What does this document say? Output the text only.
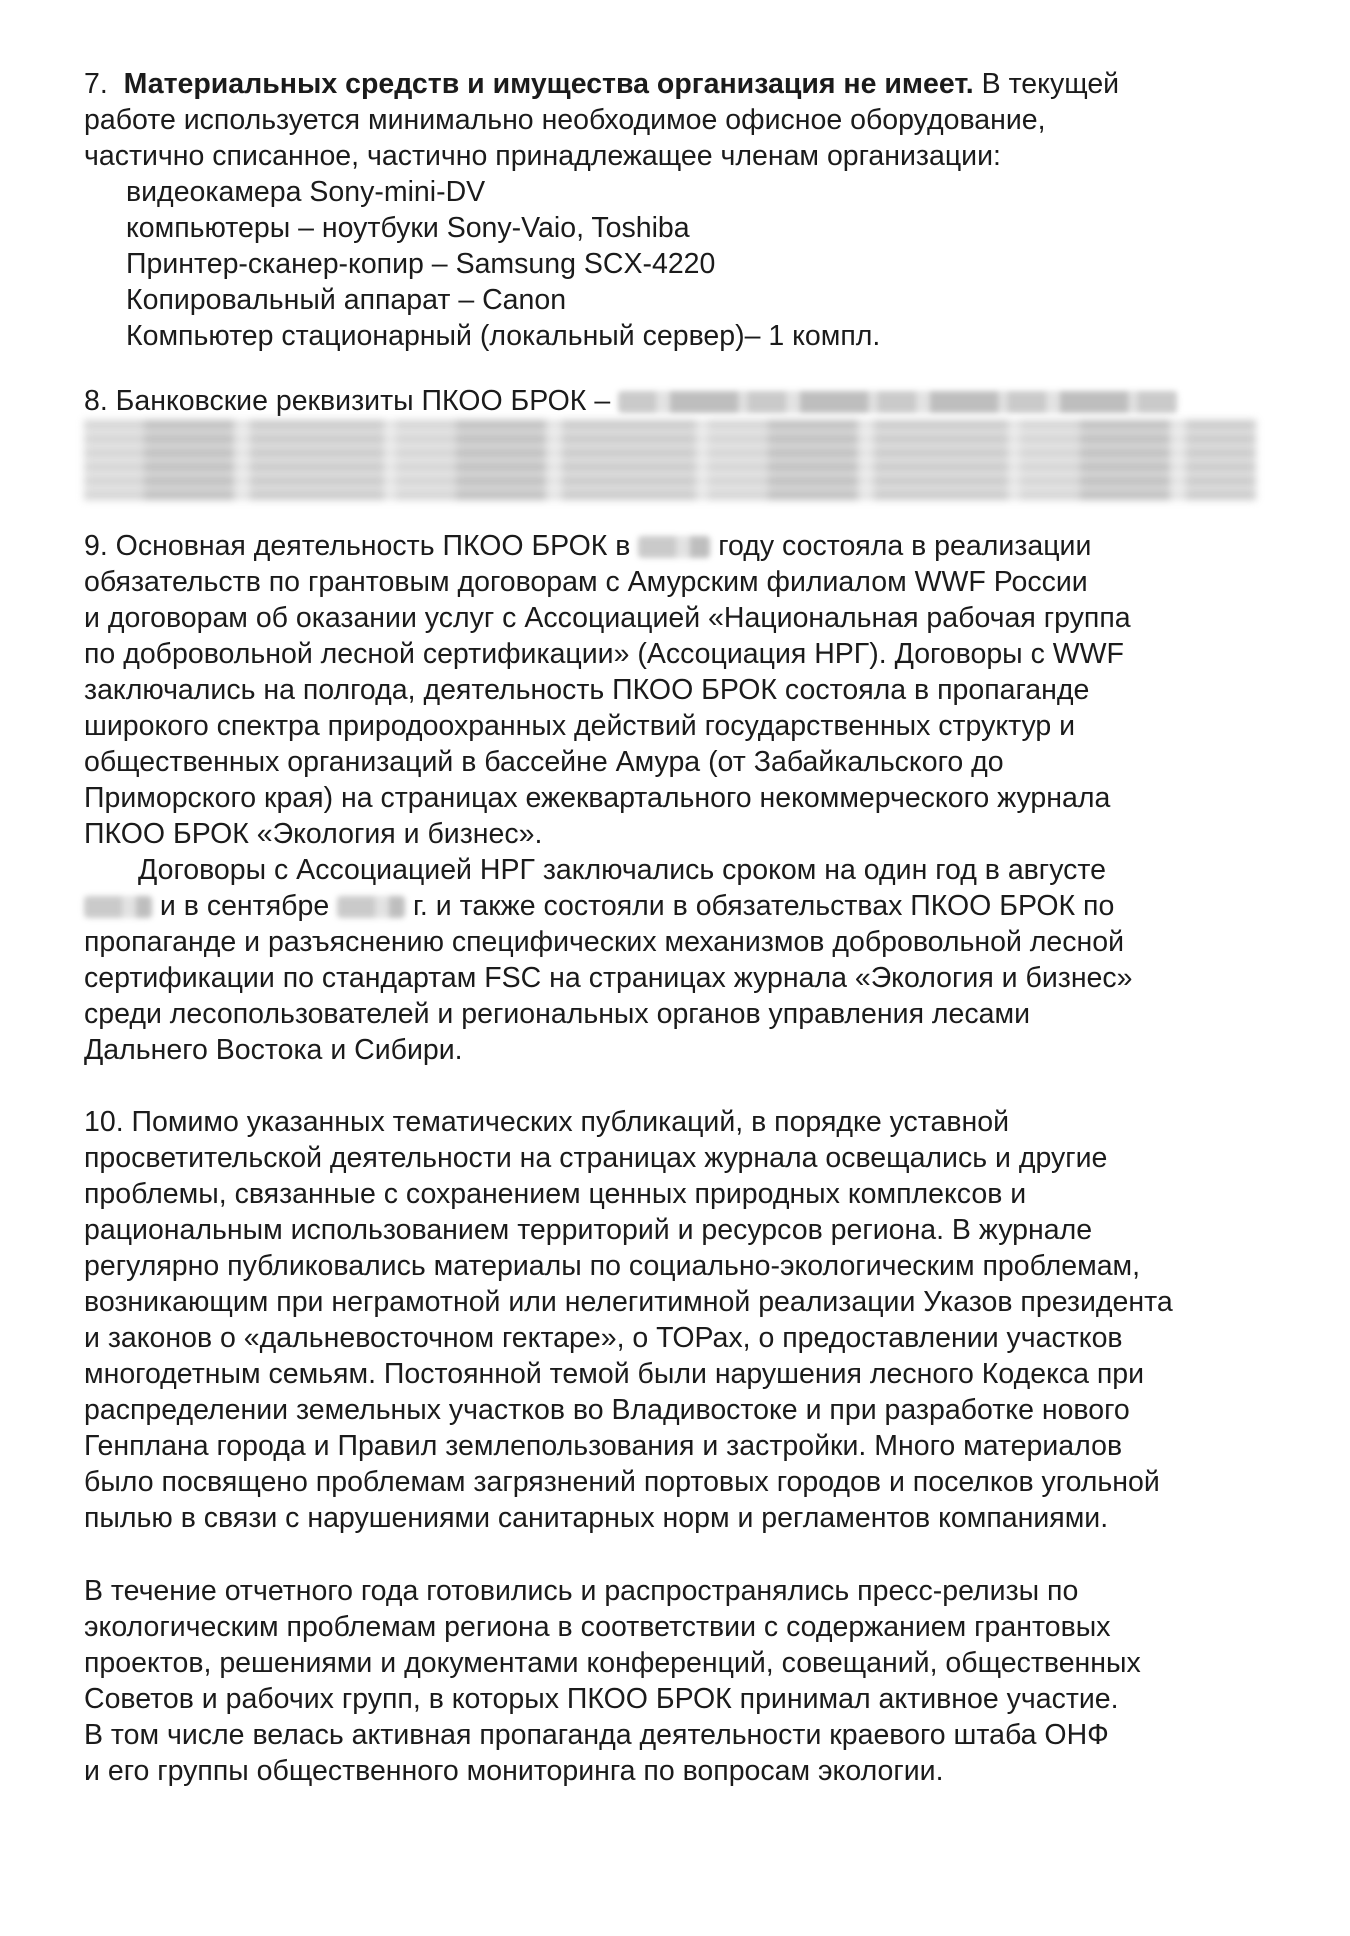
7. Материальных средств и имущества организация не имеет. В текущей
работе используется минимально необходимое офисное оборудование,
частично списанное, частично принадлежащее членам организации:
видеокамера Sony-mini-DV
компьютеры – ноутбуки Sony-Vaio, Toshiba
Принтер-сканер-копир – Samsung SCX-4220
Копировальный аппарат – Canon
Компьютер стационарный (локальный сервер)– 1 компл.
8. Банковские реквизиты ПКОО БРОК –
9. Основная деятельность ПКОО БРОК в	году состояла в реализации
обязательств по грантовым договорам с Амурским филиалом WWF России
и договорам об оказании услуг с Ассоциацией «Национальная рабочая группа
по добровольной лесной сертификации» (Ассоциация НРГ). Договоры с WWF
заключались на полгода, деятельность ПКОО БРОК состояла в пропаганде
широкого спектра природоохранных действий государственных структур и
общественных организаций в бассейне Амура (от Забайкальского до
Приморского края) на страницах ежеквартального некоммерческого журнала
ПКОО БРОК «Экология и бизнес».
Договоры с Ассоциацией НРГ заключались сроком на один год в августе
и в сентябре	г. и также состояли в обязательствах ПКОО БРОК по
пропаганде и разъяснению специфических механизмов добровольной лесной
сертификации по стандартам FSC на страницах журнала «Экология и бизнес»
среди лесопользователей и региональных органов управления лесами
Дальнего Востока и Сибири.
10. Помимо указанных тематических публикаций, в порядке уставной
просветительской деятельности на страницах журнала освещались и другие
проблемы, связанные с сохранением ценных природных комплексов и
рациональным использованием территорий и ресурсов региона. В журнале
регулярно публиковались материалы по социально-экологическим проблемам,
возникающим при неграмотной или нелегитимной реализации Указов президента
и законов о «дальневосточном гектаре», о ТОРах, о предоставлении участков
многодетным семьям. Постоянной темой были нарушения лесного Кодекса при
распределении земельных участков во Владивостоке и при разработке нового
Генплана города и Правил землепользования и застройки. Много материалов
было посвящено проблемам загрязнений портовых городов и поселков угольной
пылью в связи с нарушениями санитарных норм и регламентов компаниями.
В течение отчетного года готовились и распространялись пресс-релизы по
экологическим проблемам региона в соответствии с содержанием грантовых
проектов, решениями и документами конференций, совещаний, общественных
Советов и рабочих групп, в которых ПКОО БРОК принимал активное участие.
В том числе велась активная пропаганда деятельности краевого штаба ОНФ
и его группы общественного мониторинга по вопросам экологии.
